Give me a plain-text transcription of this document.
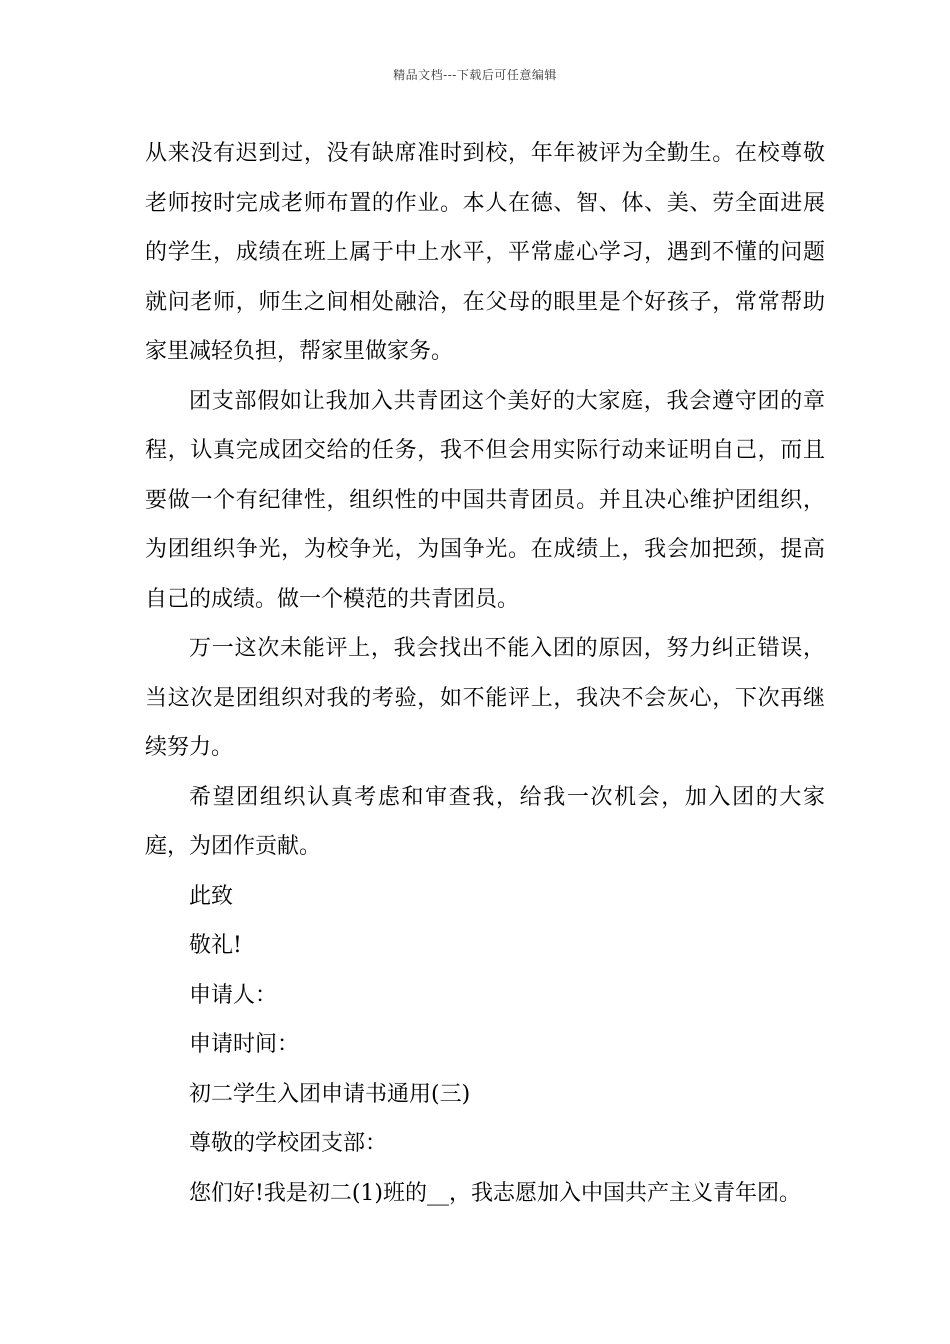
精品文档---下载后可任意编辑

从来没有迟到过，没有缺席准时到校，年年被评为全勤生。在校尊敬老师按时完成老师布置的作业。本人在德、智、体、美、劳全面进展的学生，成绩在班上属于中上水平，平常虚心学习，遇到不懂的问题就问老师，师生之间相处融洽，在父母的眼里是个好孩子，常常帮助家里减轻负担，帮家里做家务。

团支部假如让我加入共青团这个美好的大家庭，我会遵守团的章程，认真完成团交给的任务，我不但会用实际行动来证明自己，而且要做一个有纪律性，组织性的中国共青团员。并且决心维护团组织，为团组织争光，为校争光，为国争光。在成绩上，我会加把颈，提高自己的成绩。做一个模范的共青团员。

万一这次未能评上，我会找出不能入团的原因，努力纠正错误，当这次是团组织对我的考验，如不能评上，我决不会灰心，下次再继续努力。

希望团组织认真考虑和审查我，给我一次机会，加入团的大家庭，为团作贡献。

此致

敬礼!

申请人：

申请时间：

初二学生入团申请书通用(三)

尊敬的学校团支部：

您们好!我是初二(1)班的__，我志愿加入中国共产主义青年团。
